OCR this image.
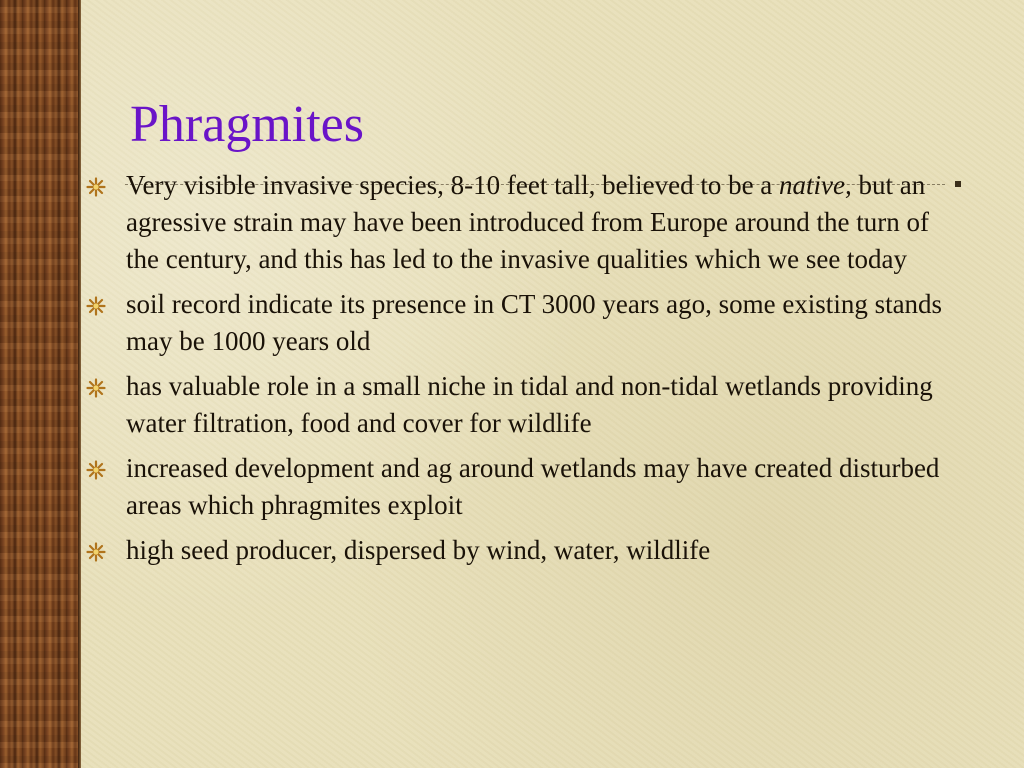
Phragmites
Very visible invasive species, 8-10 feet tall, believed to be a native, but an agressive strain may have been introduced from Europe around the turn of the century, and this has led to the invasive qualities which we see today
soil record indicate its presence in CT 3000 years ago, some existing stands may be 1000 years old
has valuable role in a small niche in tidal and non-tidal wetlands providing water filtration, food and cover for wildlife
increased development and ag around wetlands may have created disturbed areas which phragmites exploit
high seed producer, dispersed by wind, water, wildlife
